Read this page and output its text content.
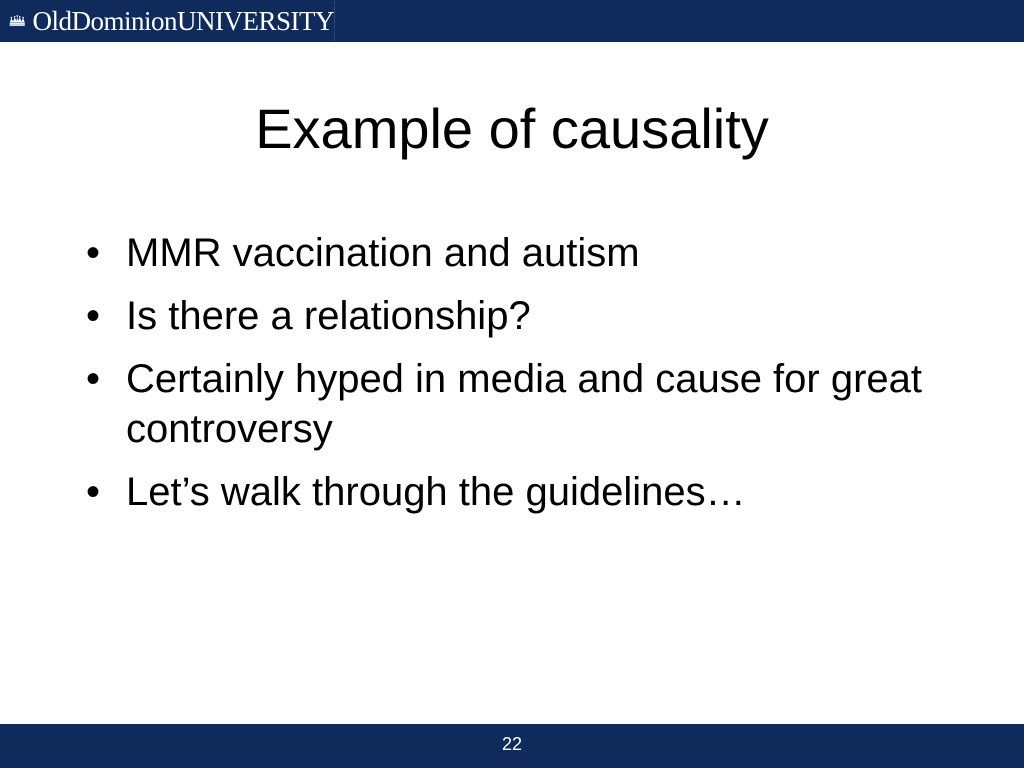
OldDominionUNIVERSITY
Example of causality
• MMR vaccination and autism
• Is there a relationship?
• Certainly hyped in media and cause for great controversy
• Let’s walk through the guidelines…
22
